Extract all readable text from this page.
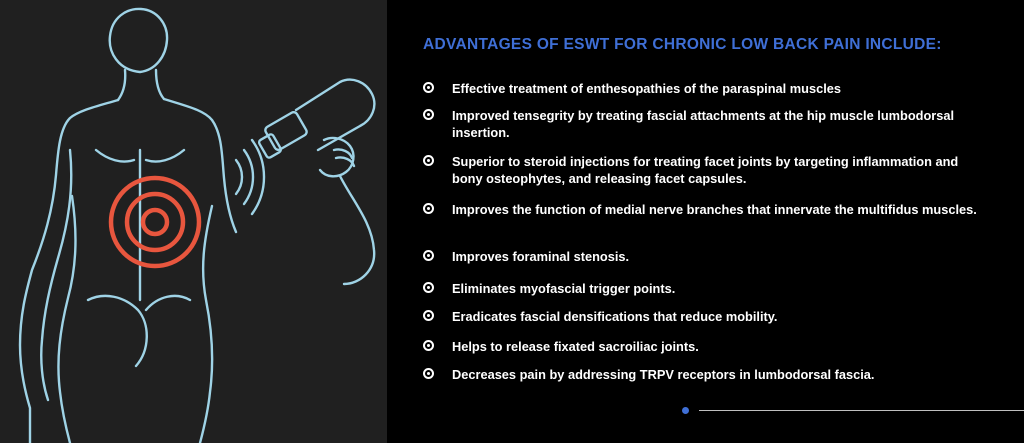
ADVANTAGES OF ESWT FOR CHRONIC LOW BACK PAIN INCLUDE:
Effective treatment of enthesopathies of the paraspinal muscles
Improved tensegrity by treating fascial attachments at the hip muscle lumbodorsal insertion.
Superior to steroid injections for treating facet joints by targeting inflammation and bony osteophytes, and releasing facet capsules.
Improves the function of medial nerve branches that innervate the multifidus muscles.
Improves foraminal stenosis.
Eliminates myofascial trigger points.
Eradicates fascial densifications that reduce mobility.
Helps to release fixated sacroiliac joints.
Decreases pain by addressing TRPV receptors in lumbodorsal fascia.
